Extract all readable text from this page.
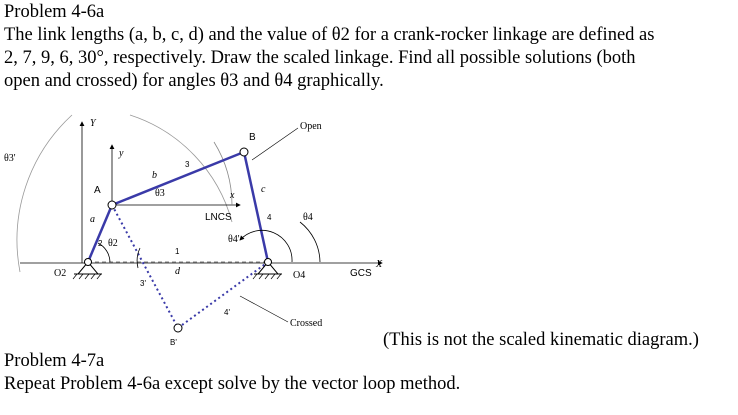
Problem 4-6a
The link lengths (a, b, c, d) and the value of θ2 for a crank-rocker linkage are defined as
2, 7, 9, 6, 30°, respectively. Draw the scaled linkage. Find all possible solutions (both
open and crossed) for angles θ3 and θ4 graphically.
Y
y
θ3'
A
B
B'
a
b
c
d
1
2
3
3'
4
4'
θ2
θ3
θ4
θ4'
O2	O4
x
X
LNCS
GCS
Open
Crossed
(This is not the scaled kinematic diagram.)
Problem 4-7a
Repeat Problem 4-6a except solve by the vector loop method.
